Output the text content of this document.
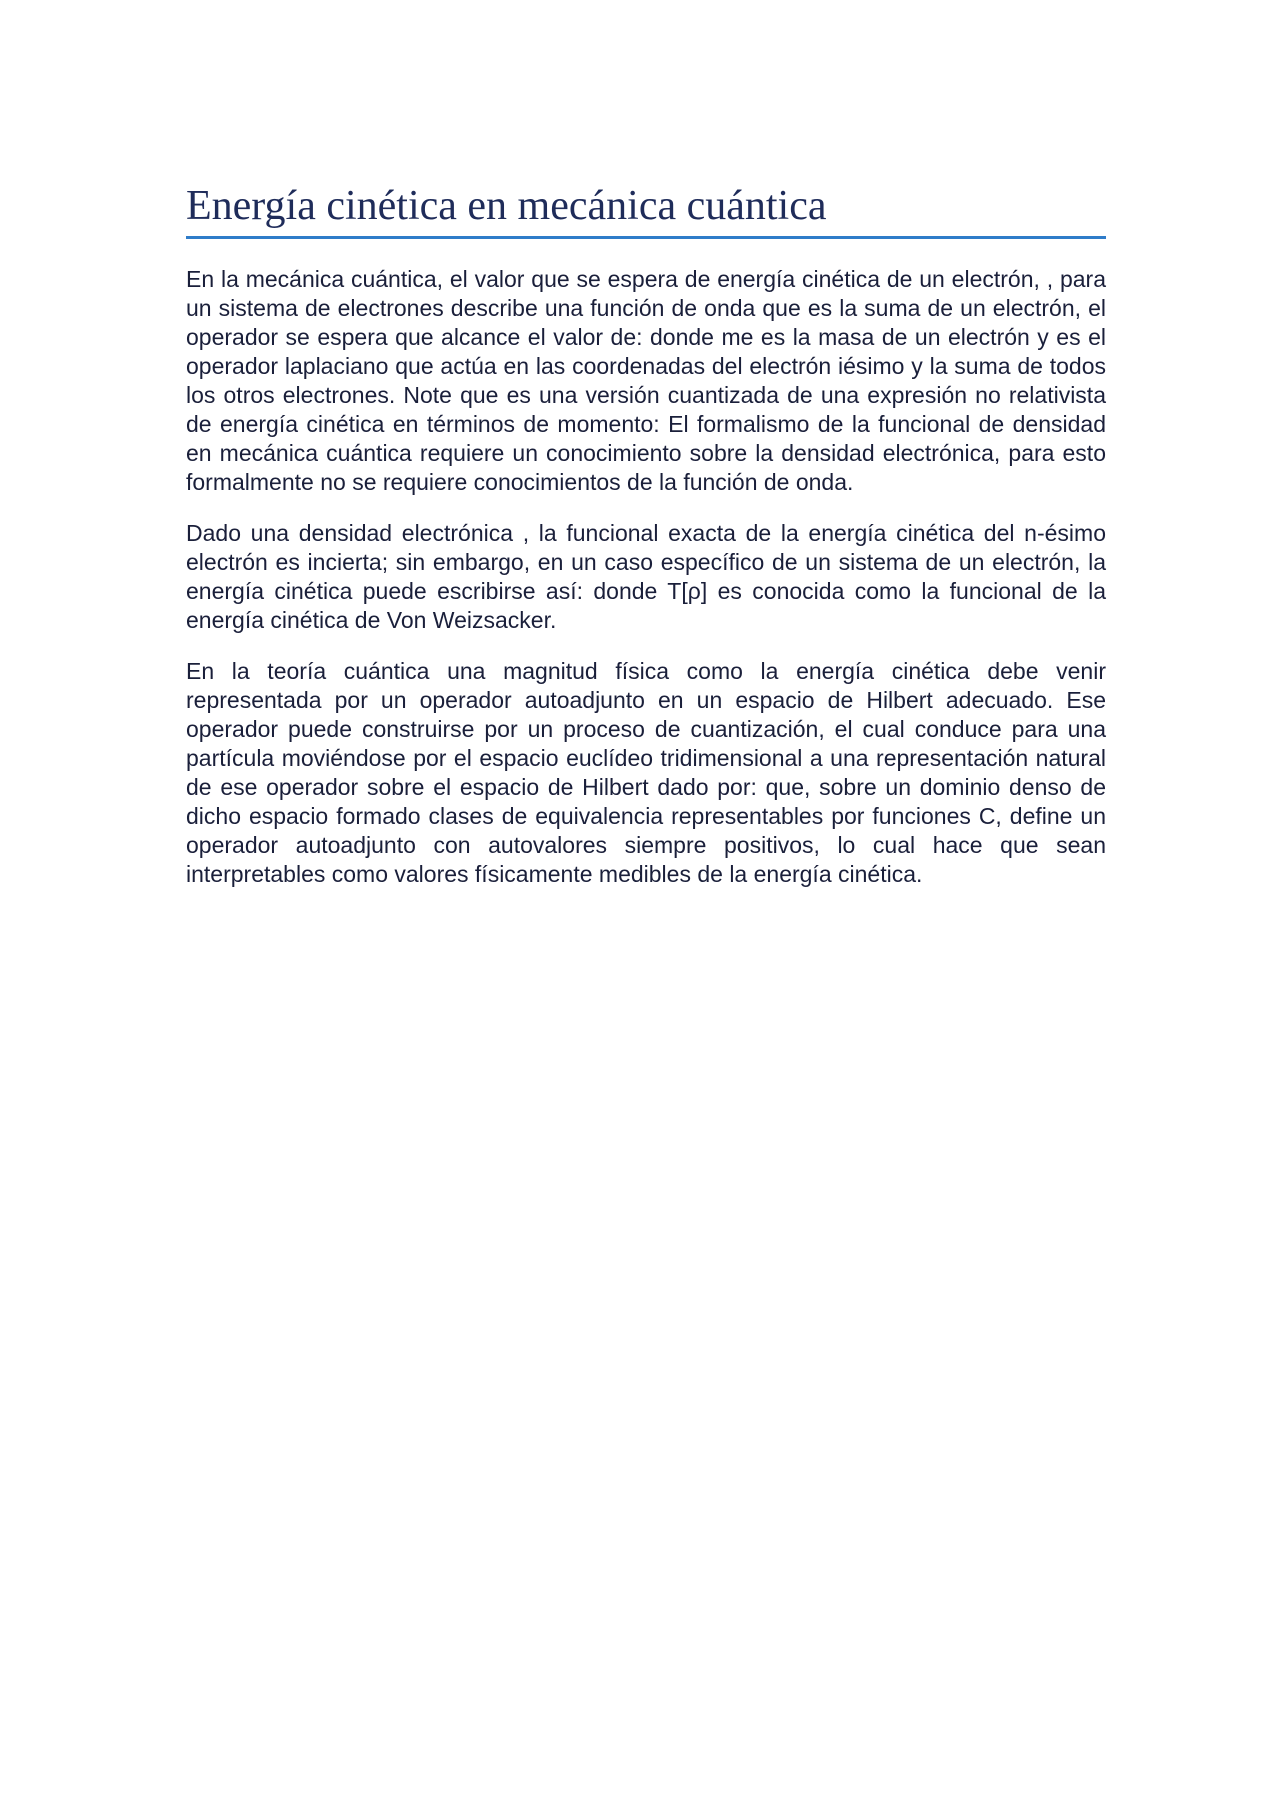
Energía cinética en mecánica cuántica

En la mecánica cuántica, el valor que se espera de energía cinética de un electrón, , para un sistema de electrones describe una función de onda que es la suma de un electrón, el operador se espera que alcance el valor de: donde me es la masa de un electrón y es el operador laplaciano que actúa en las coordenadas del electrón iésimo y la suma de todos los otros electrones. Note que es una versión cuantizada de una expresión no relativista de energía cinética en términos de momento: El formalismo de la funcional de densidad en mecánica cuántica requiere un conocimiento sobre la densidad electrónica, para esto formalmente no se requiere conocimientos de la función de onda.

Dado una densidad electrónica , la funcional exacta de la energía cinética del n-ésimo electrón es incierta; sin embargo, en un caso específico de un sistema de un electrón, la energía cinética puede escribirse así: donde T[ρ] es conocida como la funcional de la energía cinética de Von Weizsacker.

En la teoría cuántica una magnitud física como la energía cinética debe venir representada por un operador autoadjunto en un espacio de Hilbert adecuado. Ese operador puede construirse por un proceso de cuantización, el cual conduce para una partícula moviéndose por el espacio euclídeo tridimensional a una representación natural de ese operador sobre el espacio de Hilbert dado por: que, sobre un dominio denso de dicho espacio formado clases de equivalencia representables por funciones C, define un operador autoadjunto con autovalores siempre positivos, lo cual hace que sean interpretables como valores físicamente medibles de la energía cinética.
